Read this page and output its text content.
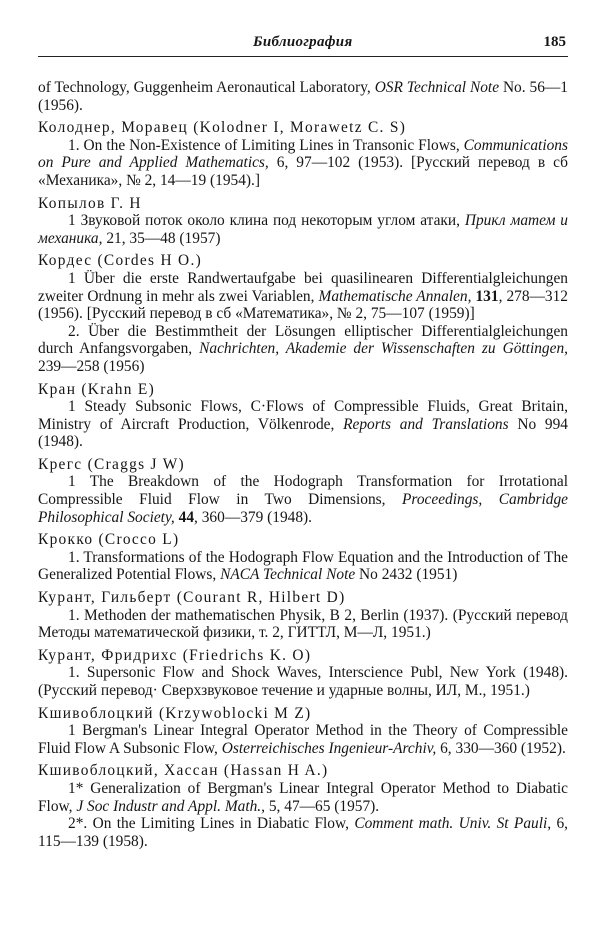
Библиография	185
of Technology, Guggenheim Aeronautical Laboratory, OSR Technical Note No. 56—1 (1956).
Колоднер, Моравец (Kolodner I, Morawetz C. S)
1. On the Non-Existence of Limiting Lines in Transonic Flows, Communications on Pure and Applied Mathematics, 6, 97—102 (1953). [Русский перевод в сб «Механика», № 2, 14—19 (1954).]
Копылов Г. Н
1 Звуковой поток около клина под некоторым углом атаки, Прикл матем и механика, 21, 35—48 (1957)
Кордес (Cordes H O.)
1 Über die erste Randwertaufgabe bei quasilinearen Differentialgleichungen zweiter Ordnung in mehr als zwei Variablen, Mathematische Annalen, 131, 278—312 (1956). [Русский перевод в сб «Математика», № 2, 75—107 (1959)]
2. Über die Bestimmtheit der Lösungen elliptischer Differentialgleichungen durch Anfangsvorgaben, Nachrichten, Akademie der Wissenschaften zu Göttingen, 239—258 (1956)
Кран (Krahn E)
1 Steady Subsonic Flows, C·Flows of Compressible Fluids, Great Britain, Ministry of Aircraft Production, Völkenrode, Reports and Translations No 994 (1948).
Крегс (Craggs J W)
1 The Breakdown of the Hodograph Transformation for Irrotational Compressible Fluid Flow in Two Dimensions, Proceedings, Cambridge Philosophical Society, 44, 360—379 (1948).
Крокко (Crocco L)
1. Transformations of the Hodograph Flow Equation and the Introduction of The Generalized Potential Flows, NACA Technical Note No 2432 (1951)
Курант, Гильберт (Courant R, Hilbert D)
1. Methoden der mathematischen Physik, B 2, Berlin (1937). (Русский перевод Методы математической физики, т. 2, ГИТТЛ, М—Л, 1951.)
Курант, Фридрихс (Friedrichs K. O)
1. Supersonic Flow and Shock Waves, Interscience Publ, New York (1948). (Русский перевод· Сверхзвуковое течение и ударные волны, ИЛ, М., 1951.)
Кшивоблоцкий (Krzywoblocki M Z)
1 Bergman's Linear Integral Operator Method in the Theory of Compressible Fluid Flow A Subsonic Flow, Osterreichisches Ingenieur-Archiv, 6, 330—360 (1952).
Кшивоблоцкий, Хассан (Hassan H A.)
1* Generalization of Bergman's Linear Integral Operator Method to Diabatic Flow, J Soc Industr and Appl. Math., 5, 47—65 (1957).
2*. On the Limiting Lines in Diabatic Flow, Comment math. Univ. St Pauli, 6, 115—139 (1958).
